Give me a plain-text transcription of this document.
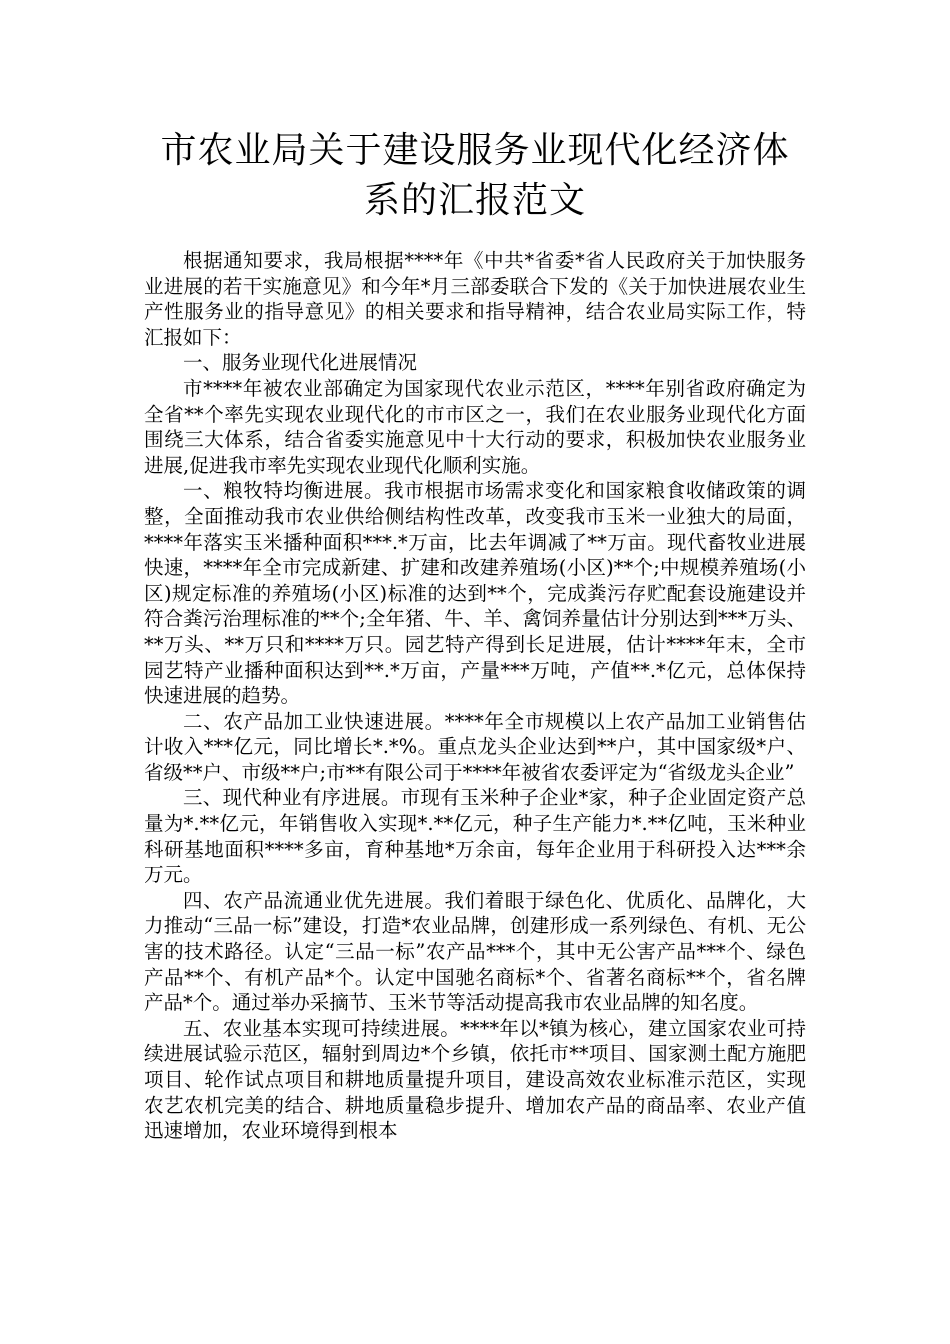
市农业局关于建设服务业现代化经济体
系的汇报范文

根据通知要求，我局根据****年《中共*省委*省人民政府关于加快服务业进展的若干实施意见》和今年*月三部委联合下发的《关于加快进展农业生产性服务业的指导意见》的相关要求和指导精神，结合农业局实际工作，特汇报如下：

一、服务业现代化进展情况

市****年被农业部确定为国家现代农业示范区，****年别省政府确定为全省**个率先实现农业现代化的市市区之一，我们在农业服务业现代化方面围绕三大体系，结合省委实施意见中十大行动的要求，积极加快农业服务业进展,促进我市率先实现农业现代化顺利实施。

一、粮牧特均衡进展。我市根据市场需求变化和国家粮食收储政策的调整，全面推动我市农业供给侧结构性改革，改变我市玉米一业独大的局面，****年落实玉米播种面积***.*万亩，比去年调减了**万亩。现代畜牧业进展快速，****年全市完成新建、扩建和改建养殖场(小区)**个;中规模养殖场(小区)规定标准的养殖场(小区)标准的达到**个，完成粪污存贮配套设施建设并符合粪污治理标准的**个;全年猪、牛、羊、禽饲养量估计分别达到***万头、**万头、**万只和****万只。园艺特产得到长足进展，估计****年末，全市园艺特产业播种面积达到**.*万亩，产量***万吨，产值**.*亿元，总体保持快速进展的趋势。

二、农产品加工业快速进展。****年全市规模以上农产品加工业销售估计收入***亿元，同比增长*.*%。重点龙头企业达到**户，其中国家级*户、省级**户、市级**户;市**有限公司于****年被省农委评定为“省级龙头企业”

三、现代种业有序进展。市现有玉米种子企业*家，种子企业固定资产总量为*.**亿元，年销售收入实现*.**亿元，种子生产能力*.**亿吨，玉米种业科研基地面积****多亩，育种基地*万余亩，每年企业用于科研投入达***余万元。

四、农产品流通业优先进展。我们着眼于绿色化、优质化、品牌化，大力推动“三品一标”建设，打造*农业品牌，创建形成一系列绿色、有机、无公害的技术路径。认定“三品一标”农产品***个，其中无公害产品***个、绿色产品**个、有机产品*个。认定中国驰名商标*个、省著名商标**个，省名牌产品*个。通过举办采摘节、玉米节等活动提高我市农业品牌的知名度。

五、农业基本实现可持续进展。****年以*镇为核心，建立国家农业可持续进展试验示范区，辐射到周边*个乡镇，依托市**项目、国家测土配方施肥项目、轮作试点项目和耕地质量提升项目，建设高效农业标准示范区，实现农艺农机完美的结合、耕地质量稳步提升、增加农产品的商品率、农业产值迅速增加，农业环境得到根本
